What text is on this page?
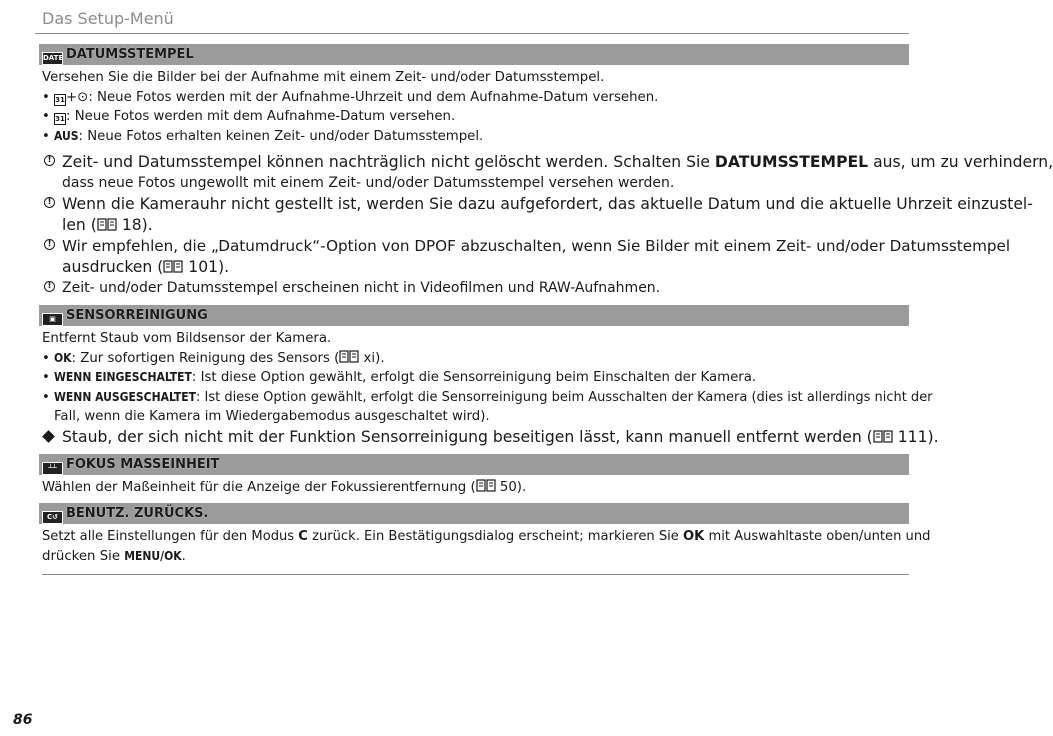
Das Setup-Menü
DATE DATUMSSTEMPEL
Versehen Sie die Bilder bei der Aufnahme mit einem Zeit- und/oder Datumsstempel.
• 31+⊙: Neue Fotos werden mit der Aufnahme-Uhrzeit und dem Aufnahme-Datum versehen.
• 31: Neue Fotos werden mit dem Aufnahme-Datum versehen.
• AUS: Neue Fotos erhalten keinen Zeit- und/oder Datumsstempel.
! Zeit- und Datumsstempel können nachträglich nicht gelöscht werden. Schalten Sie DATUMSSTEMPEL aus, um zu verhindern,
dass neue Fotos ungewollt mit einem Zeit- und/oder Datumsstempel versehen werden.
! Wenn die Kamerauhr nicht gestellt ist, werden Sie dazu aufgefordert, das aktuelle Datum und die aktuelle Uhrzeit einzustel-
len ( 18).
! Wir empfehlen, die „Datumdruck“-Option von DPOF abzuschalten, wenn Sie Bilder mit einem Zeit- und/oder Datumsstempel
ausdrucken ( 101).
! Zeit- und/oder Datumsstempel erscheinen nicht in Videofilmen und RAW-Aufnahmen.
▣ SENSORREINIGUNG
Entfernt Staub vom Bildsensor der Kamera.
• OK: Zur sofortigen Reinigung des Sensors ( xi).
• WENN EINGESCHALTET: Ist diese Option gewählt, erfolgt die Sensorreinigung beim Einschalten der Kamera.
• WENN AUSGESCHALTET: Ist diese Option gewählt, erfolgt die Sensorreinigung beim Ausschalten der Kamera (dies ist allerdings nicht der
Fall, wenn die Kamera im Wiedergabemodus ausgeschaltet wird).
Staub, der sich nicht mit der Funktion Sensorreinigung beseitigen lässt, kann manuell entfernt werden ( 111).
┴┴ FOKUS MASSEINHEIT
Wählen der Maßeinheit für die Anzeige der Fokussierentfernung ( 50).
C↺ BENUTZ. ZURÜCKS.
Setzt alle Einstellungen für den Modus C zurück. Ein Bestätigungsdialog erscheint; markieren Sie OK mit Auswahltaste oben/unten und
drücken Sie MENU/OK.
86
